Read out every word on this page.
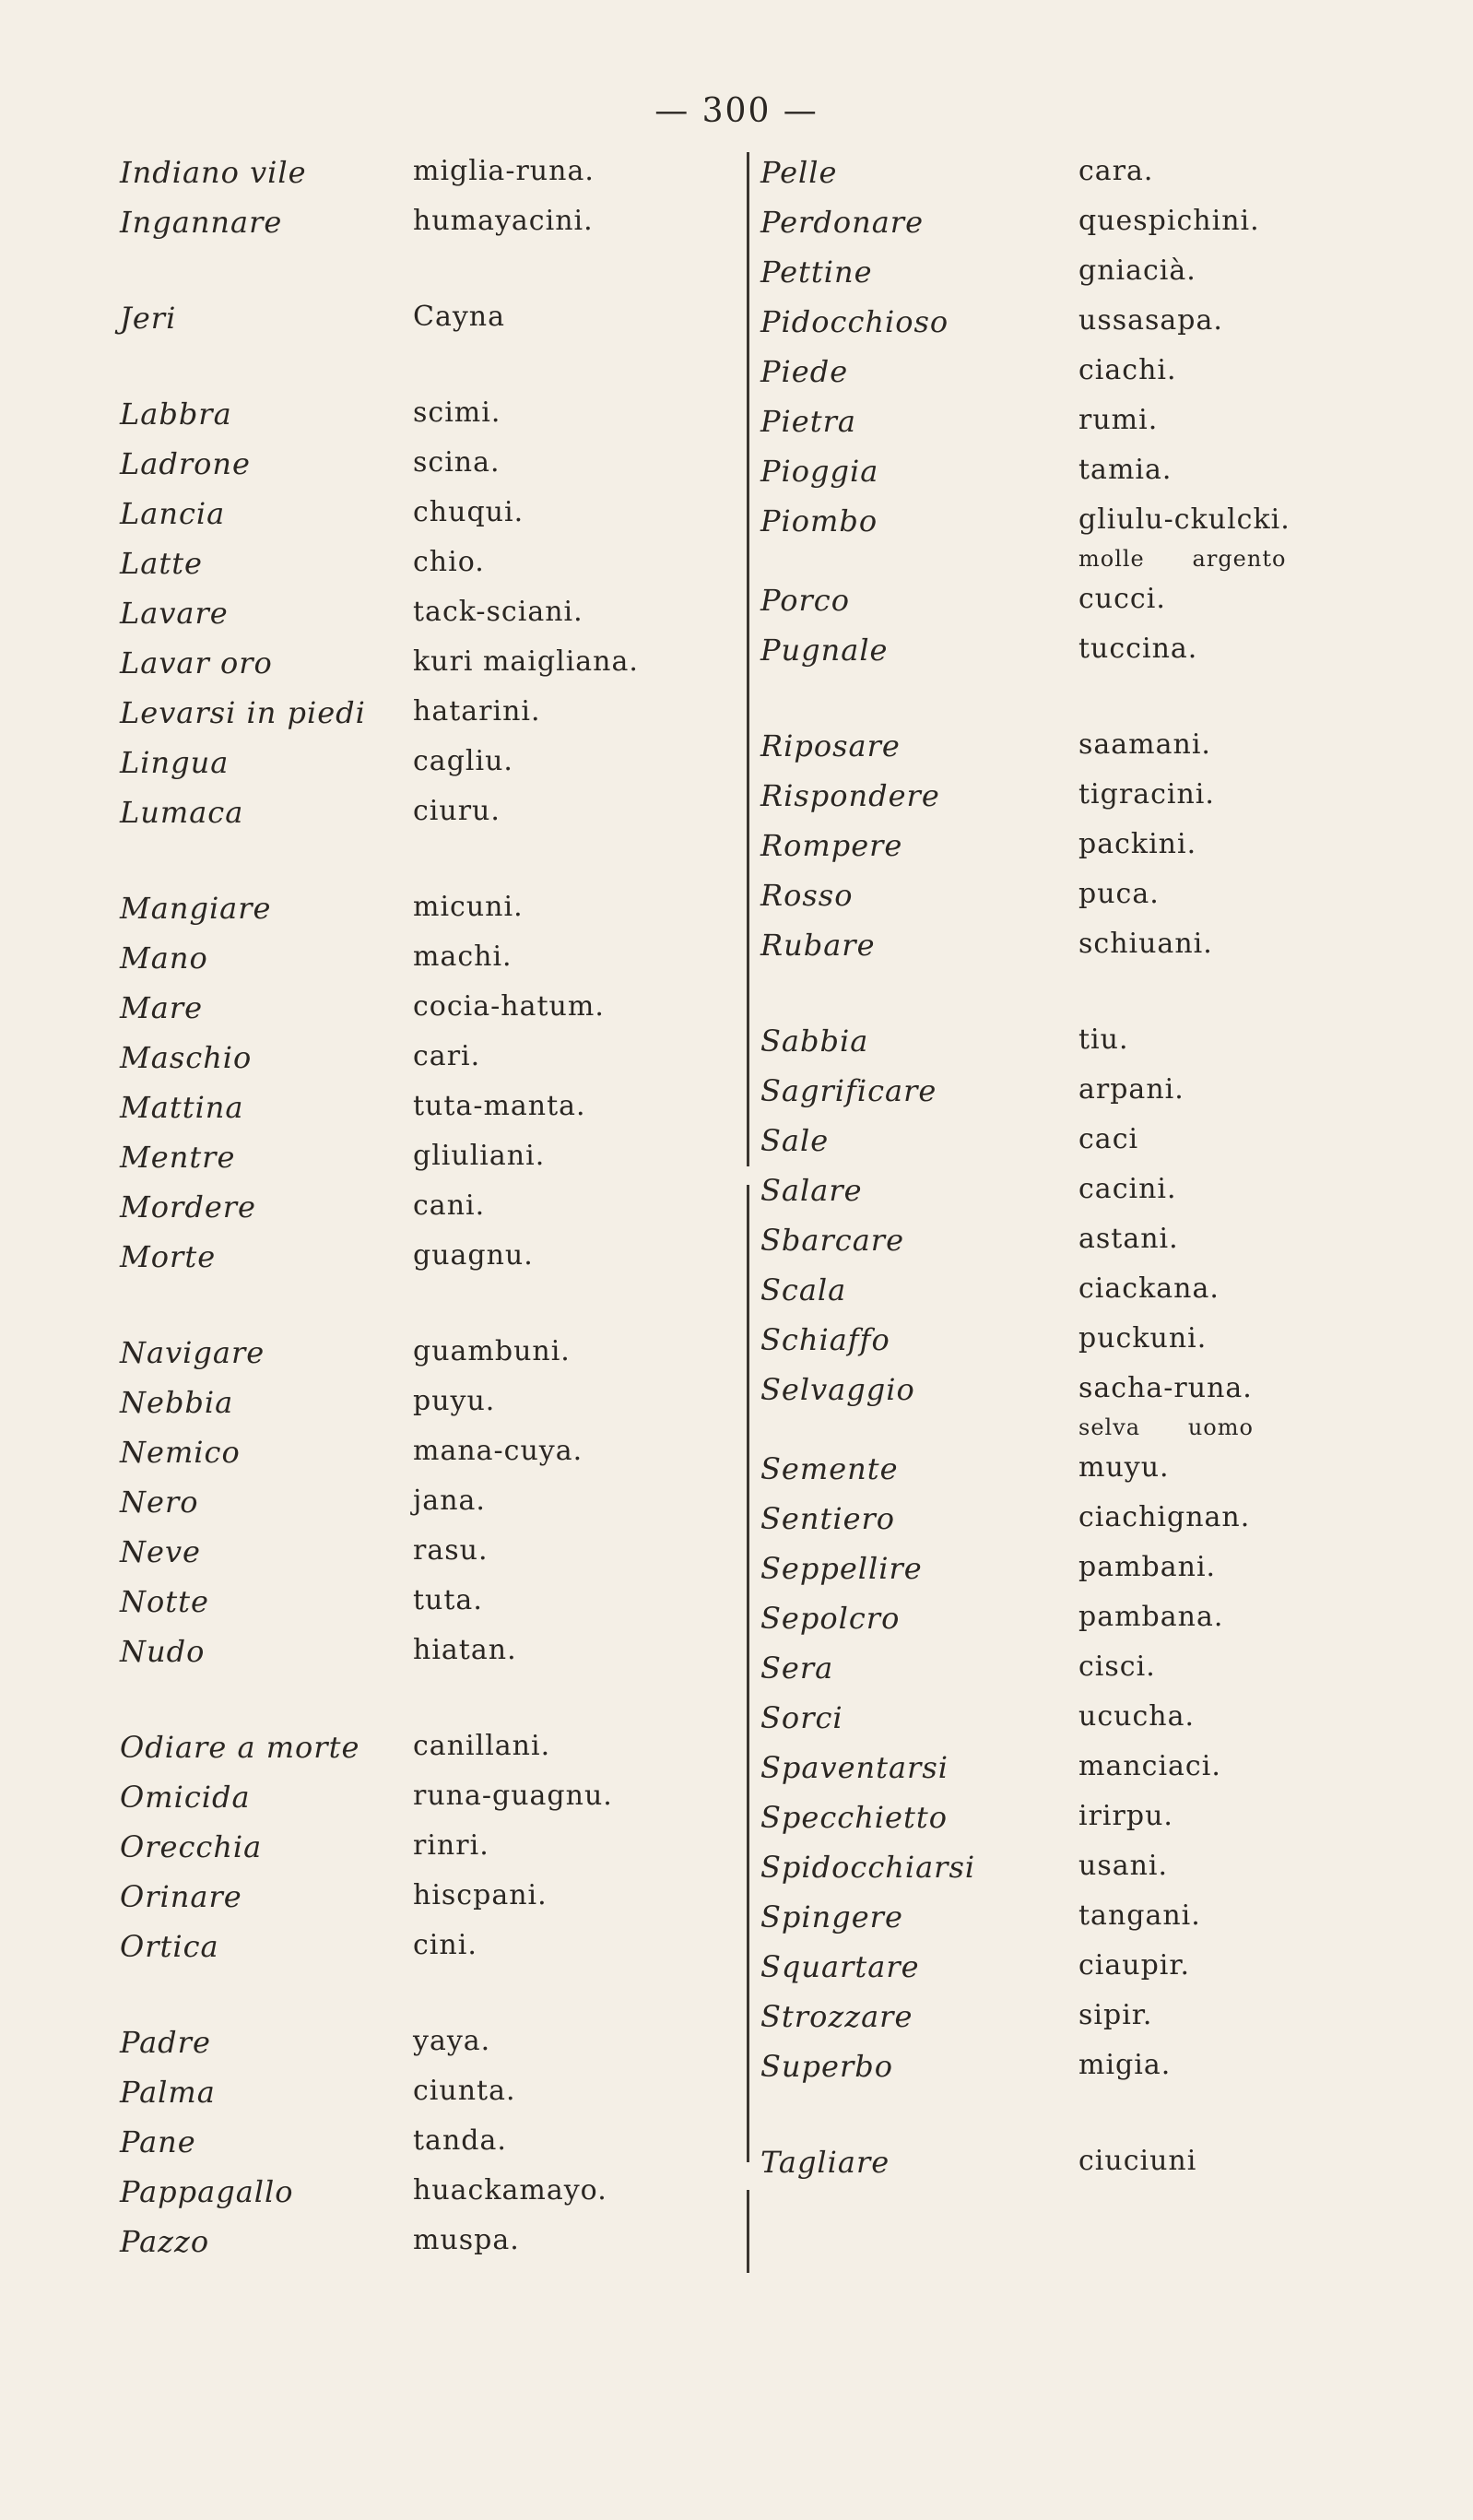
— 300 —
Indiano vile	miglia-runa.
Ingannare	humayacini.
Jeri	Cayna
Labbra	scimi.
Ladrone	scina.
Lancia	chuqui.
Latte	chio.
Lavare	tack-sciani.
Lavar oro	kuri maigliana.
Levarsi in piedi hatarini.
Lingua	cagliu.
Lumaca	ciuru.
Mangiare	micuni.
Mano	machi.
Mare	cocia-hatum.
Maschio	cari.
Mattina	tuta-manta.
Mentre	gliuliani.
Mordere	cani.
Morte	guagnu.
Navigare	guambuni.
Nebbia	puyu.
Nemico	mana-cuya.
Nero	jana.
Neve	rasu.
Notte	tuta.
Nudo	hiatan.
Odiare a morte canillani.
Omicida	runa-guagnu.
Orecchia	rinri.
Orinare	hiscpani.
Ortica	cini.
Padre	yaya.
Palma	ciunta.
Pane	tanda.
Pappagallo	huackamayo.
Pazzo	muspa.
Pelle	cara.
Perdonare	quespichini.
Pettine	gniacià.
Pidocchioso	ussasapa.
Piede	ciachi.
Pietra	rumi.
Pioggia	tamia.
Piombo	gliulu-ckulcki.
molle      argento
Porco	cucci.
Pugnale	tuccina.
Riposare	saamani.
Rispondere	tigracini.
Rompere	packini.
Rosso	puca.
Rubare	schiuani.
Sabbia	tiu.
Sagrificare	arpani.
Sale	caci
Salare	cacini.
Sbarcare	astani.
Scala	ciackana.
Schiaffo	puckuni.
Selvaggio	sacha-runa.
selva      uomo
Semente	muyu.
Sentiero	ciachignan.
Seppellire	pambani.
Sepolcro	pambana.
Sera	cisci.
Sorci	ucucha.
Spaventarsi	manciaci.
Specchietto	irirpu.
Spidocchiarsi	usani.
Spingere	tangani.
Squartare	ciaupir.
Strozzare	sipir.
Superbo	migia.
Tagliare	ciuciuni
